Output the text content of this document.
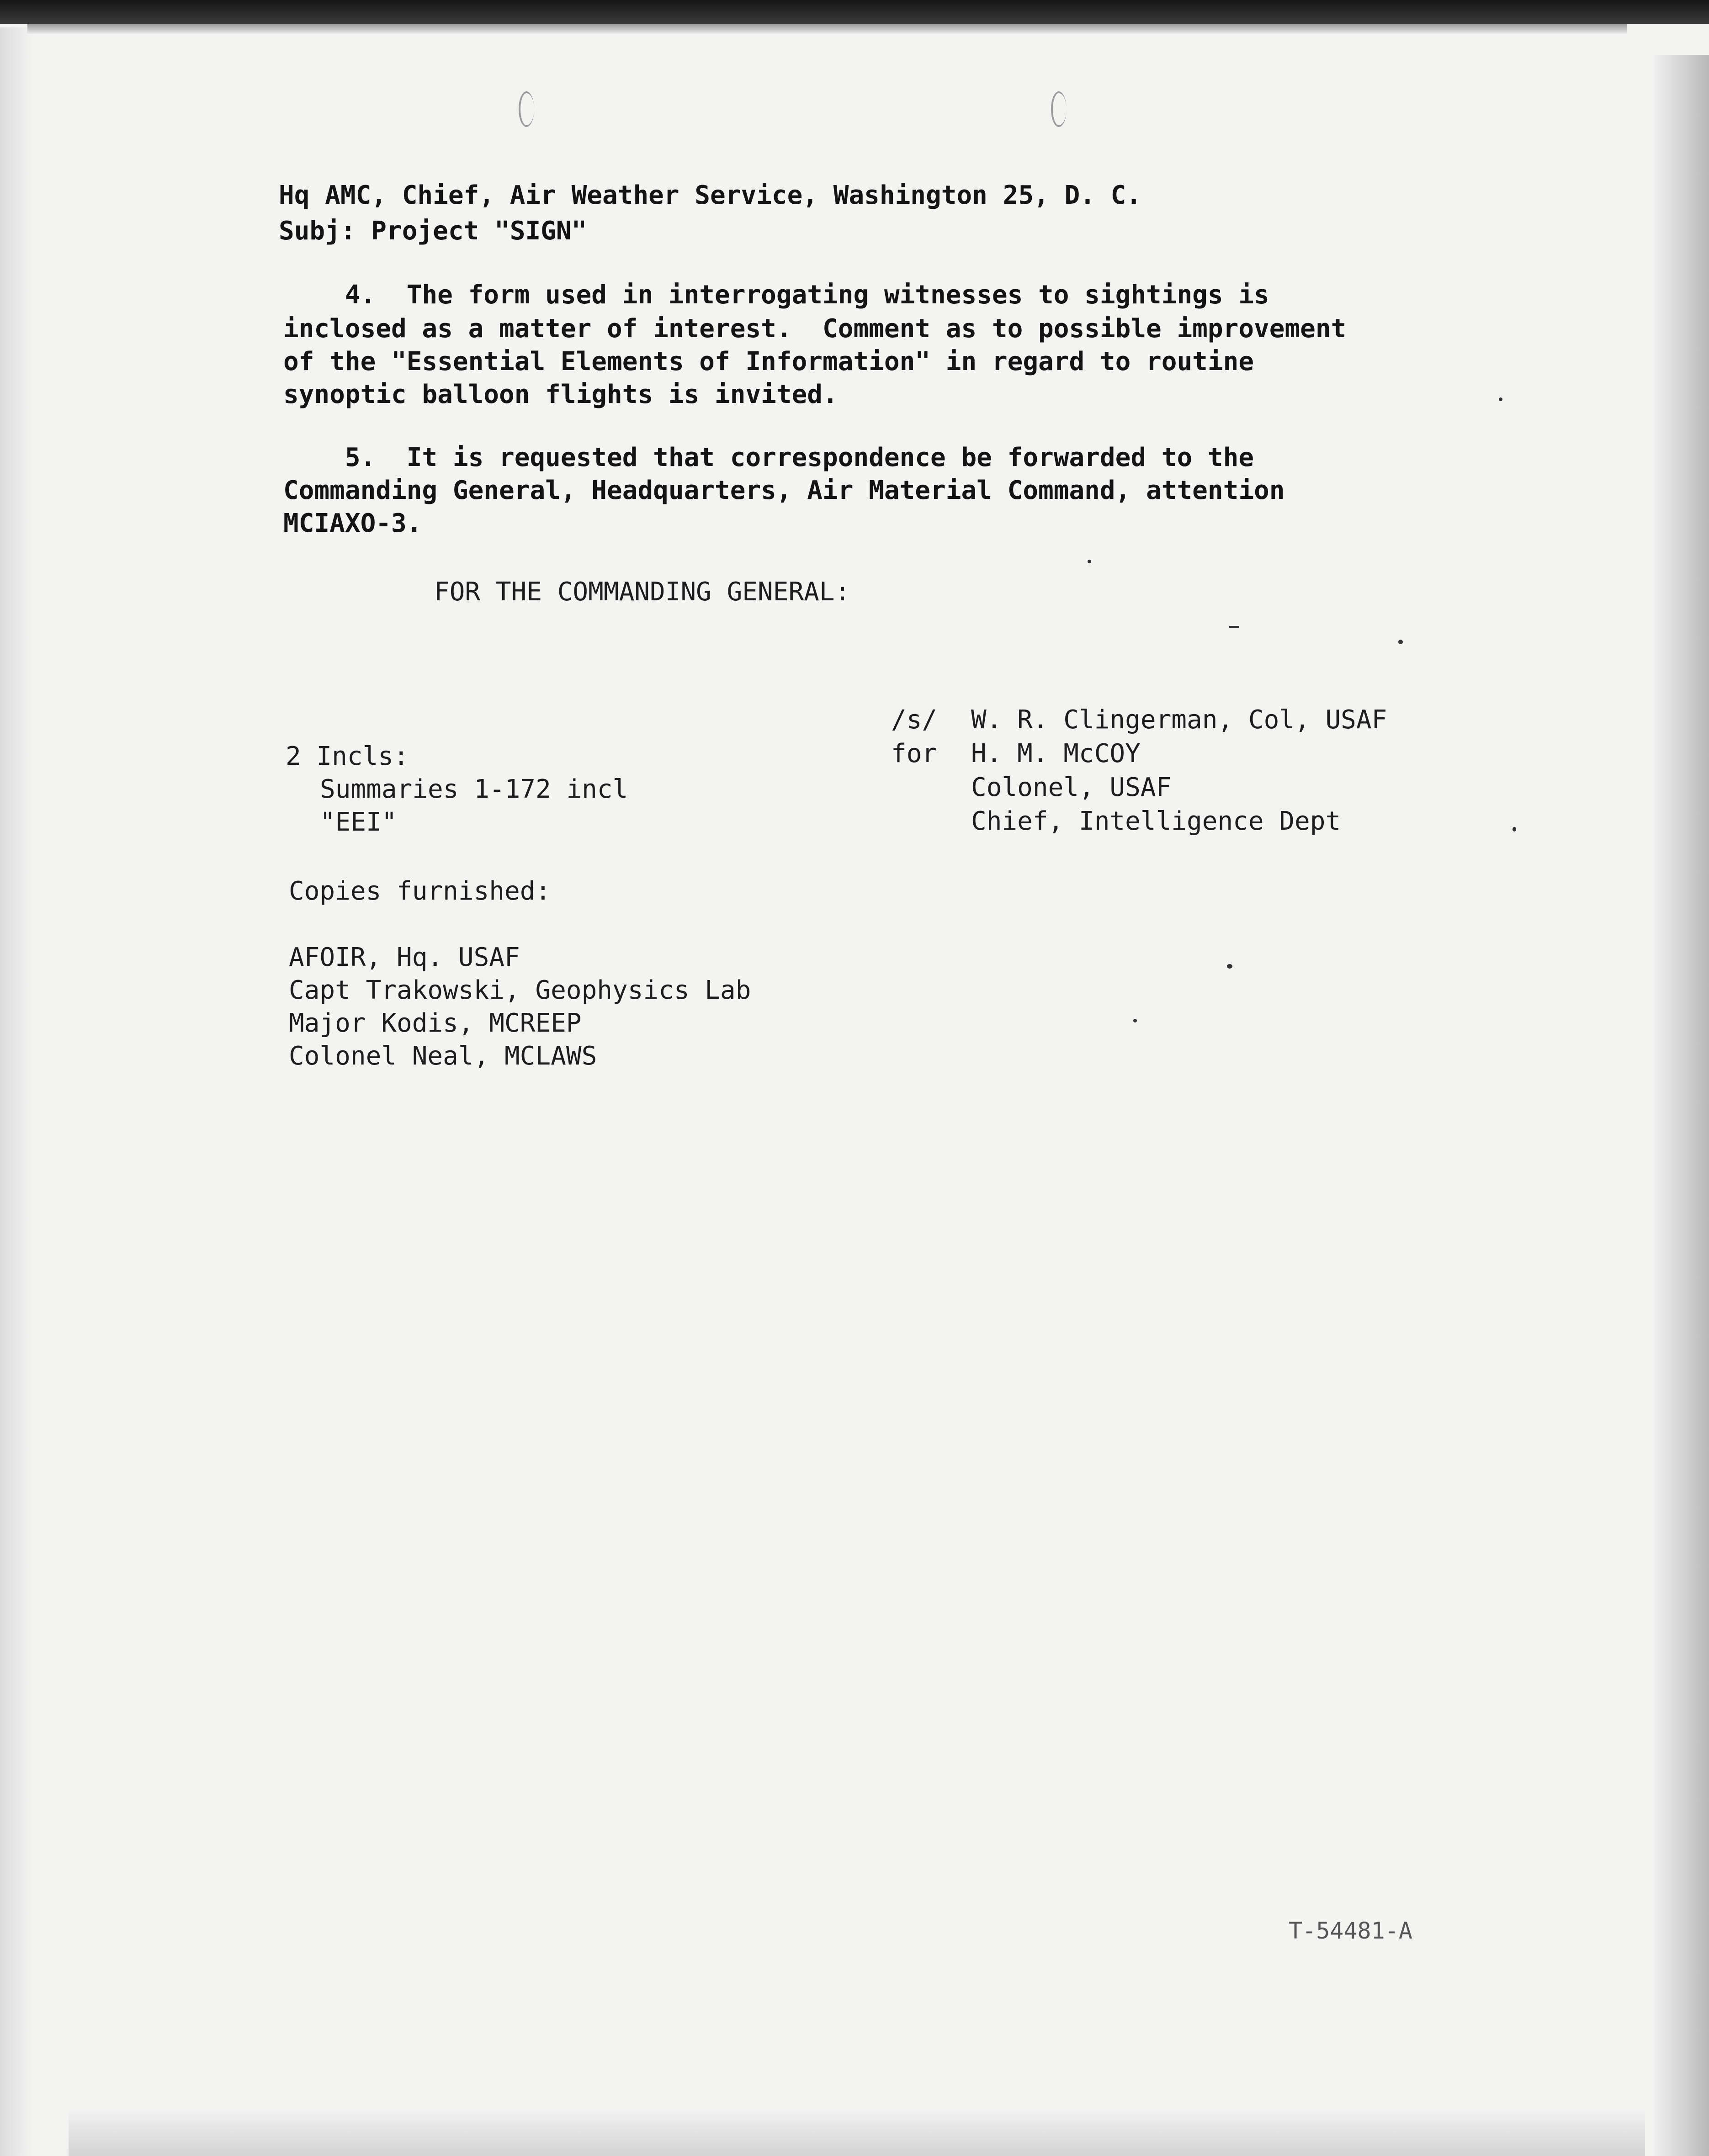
Hq AMC, Chief, Air Weather Service, Washington 25, D. C.
Subj: Project "SIGN"
4.  The form used in interrogating witnesses to sightings is
inclosed as a matter of interest.  Comment as to possible improvement
of the "Essential Elements of Information" in regard to routine
synoptic balloon flights is invited.
5.  It is requested that correspondence be forwarded to the
Commanding General, Headquarters, Air Material Command, attention
MCIAXO-3.
FOR THE COMMANDING GENERAL:
/s/ W. R. Clingerman, Col, USAF
for H. M. McCOY
Colonel, USAF
Chief, Intelligence Dept
2 Incls:
Summaries 1-172 incl
"EEI"
Copies furnished:
AFOIR, Hq. USAF
Capt Trakowski, Geophysics Lab
Major Kodis, MCREEP
Colonel Neal, MCLAWS
T-54481-A
